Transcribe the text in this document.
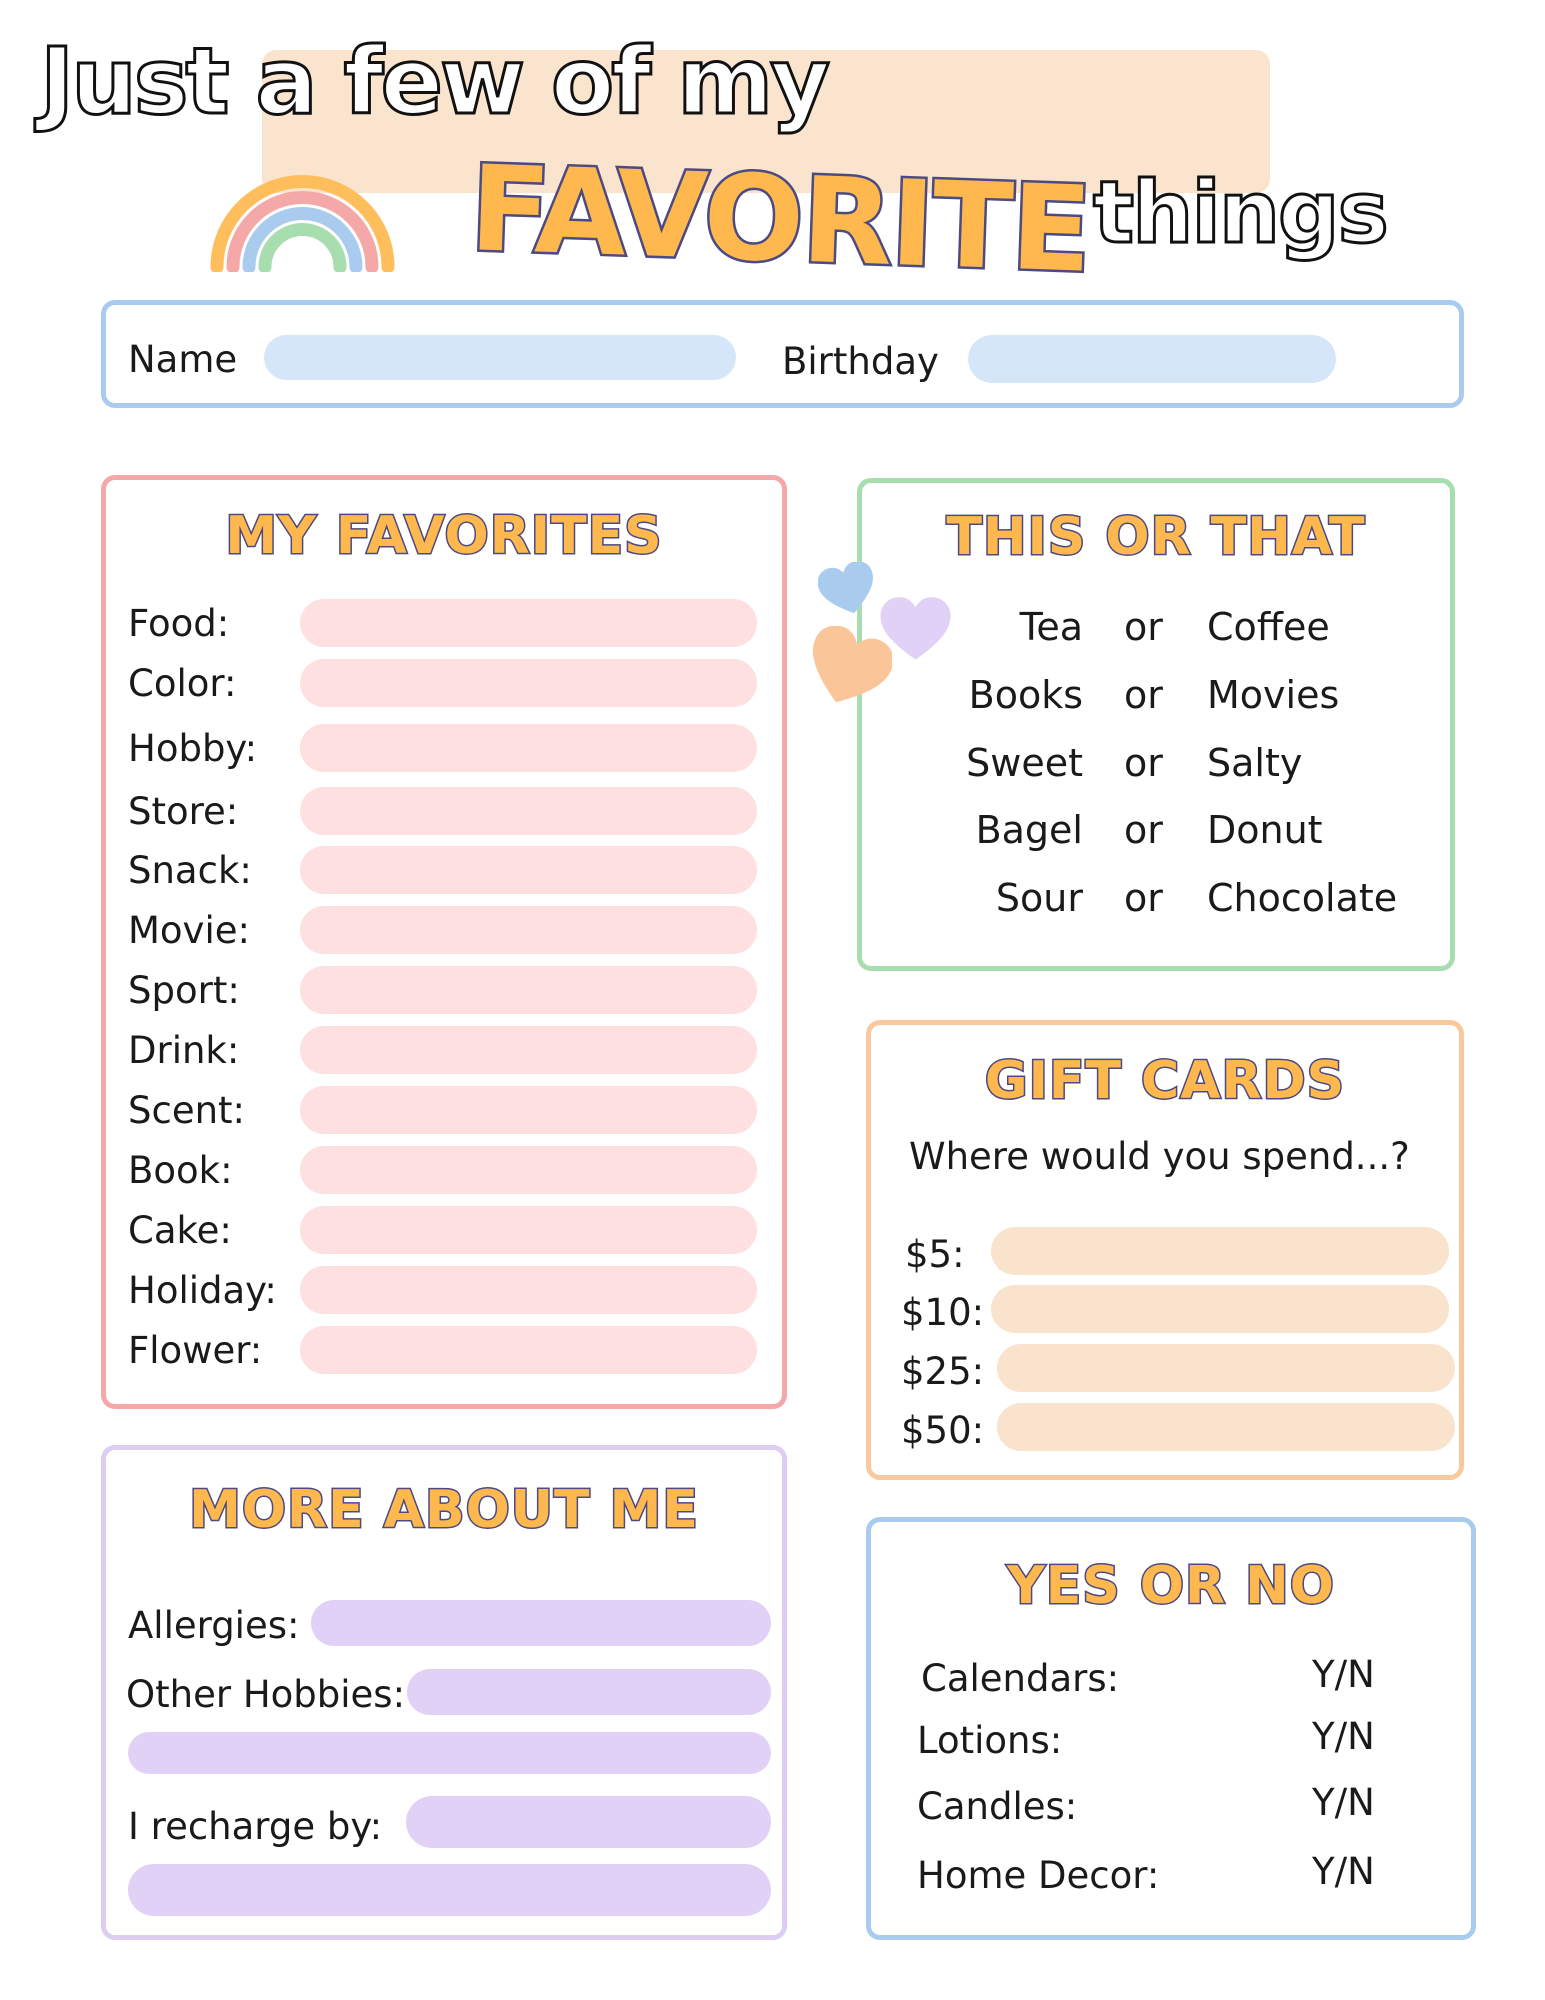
Just a few of my
FAVORITE things
Name	Birthday
MY FAVORITES
Food:
Color:
Hobby:
Store:
Snack:
Movie:
Sport:
Drink:
Scent:
Book:
Cake:
Holiday:
Flower:
THIS OR THAT
Tea or Coffee
Books or Movies
Sweet or Salty
Bagel or Donut
Sour or Chocolate
GIFT CARDS
Where would you spend...?
$5:
$10:
$25:
$50:
MORE ABOUT ME
Allergies:
Other Hobbies:
I recharge by:
YES OR NO
Calendars:	Y/N
Lotions:	Y/N
Candles:	Y/N
Home Decor:	Y/N
